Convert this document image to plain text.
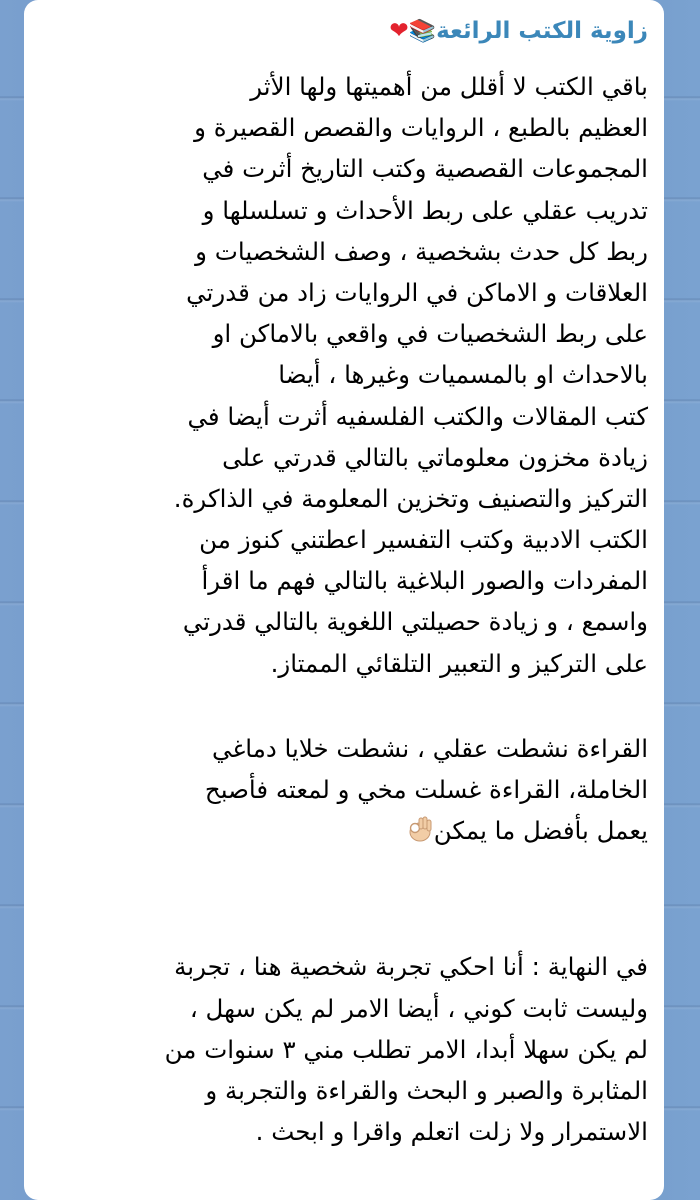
زاوية الكتب الرائعة📚❤
باقي الكتب لا أقلل من أهميتها ولها الأثر
العظيم بالطبع ، الروايات والقصص القصيرة و
المجموعات القصصية وكتب التاريخ أثرت في
تدريب عقلي على ربط الأحداث و تسلسلها و
ربط كل حدث بشخصية ، وصف الشخصيات و
العلاقات و الاماكن في الروايات زاد من قدرتي
على ربط الشخصيات في واقعي بالاماكن او
بالاحداث او بالمسميات وغيرها ، أيضا
كتب المقالات والكتب الفلسفيه أثرت أيضا في
زيادة مخزون معلوماتي بالتالي قدرتي على
التركيز والتصنيف وتخزين المعلومة في الذاكرة.
الكتب الادبية وكتب التفسير اعطتني كنوز من
المفردات والصور البلاغية بالتالي فهم ما اقرأ
واسمع ، و زيادة حصيلتي اللغوية بالتالي قدرتي
على التركيز و التعبير التلقائي الممتاز.
القراءة نشطت عقلي ، نشطت خلايا دماغي
الخاملة، القراءة غسلت مخي و لمعته فأصبح
يعمل بأفضل ما يمكن
في النهاية : أنا احكي تجربة شخصية هنا ، تجربة
وليست ثابت كوني ، أيضا الامر لم يكن سهل ،
لم يكن سهلا أبدا، الامر تطلب مني ٣ سنوات من
المثابرة والصبر و البحث والقراءة والتجربة و
الاستمرار ولا زلت اتعلم واقرا و ابحث .
